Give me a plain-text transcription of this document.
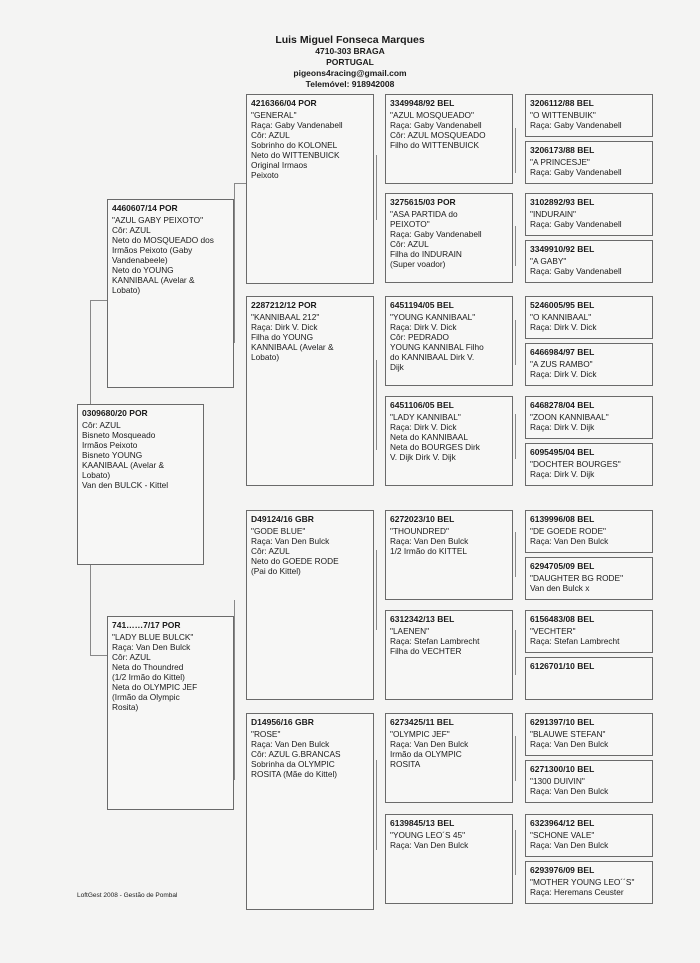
Luis Miguel Fonseca Marques
4710-303 BRAGA
PORTUGAL
pigeons4racing@gmail.com
Telemóvel: 918942008
0309680/20 POR
Côr: AZUL
Bisneto Mosqueado
Irmãos Peixoto
Bisneto YOUNG
KAANIBAAL (Avelar &
Lobato)
Van den BULCK - Kittel
4460607/14 POR
"AZUL GABY PEIXOTO"
Côr: AZUL
Neto do MOSQUEADO dos
Irmãos Peixoto (Gaby
Vandenabeele)
Neto do YOUNG
KANNIBAAL (Avelar &
Lobato)
741……7/17 POR
"LADY BLUE BULCK"
Raça: Van Den Bulck
Côr: AZUL
Neta do Thoundred
(1/2 Irmão do Kittel)
Neta do OLYMPIC JEF
(Irmão da Olympic
Rosita)
4216366/04 POR
"GENERAL"
Raça: Gaby Vandenabell
Côr: AZUL
Sobrinho do KOLONEL
Neto do WITTENBUICK
Original Irmaos
Peixoto
2287212/12 POR
"KANNIBAAL 212"
Raça: Dirk V. Dick
Filha do YOUNG
KANNIBAAL (Avelar &
Lobato)
D49124/16 GBR
"GODE BLUE"
Raça: Van Den Bulck
Côr: AZUL
Neto do GOEDE RODE
(Pai do Kittel)
D14956/16 GBR
"ROSE"
Raça: Van Den Bulck
Côr: AZUL G.BRANCAS
Sobrinha da OLYMPIC
ROSITA (Mãe do Kittel)
3349948/92 BEL
"AZUL MOSQUEADO"
Raça: Gaby Vandenabell
Côr: AZUL MOSQUEADO
Filho do WITTENBUICK
3275615/03 POR
"ASA PARTIDA do
PEIXOTO"
Raça: Gaby Vandenabell
Côr: AZUL
Filha do INDURAIN
(Super voador)
6451194/05 BEL
"YOUNG KANNIBAAL"
Raça: Dirk V. Dick
Côr: PEDRADO
YOUNG KANNIBAL Filho
do KANNIBAAL Dirk V.
Dijk
6451106/05 BEL
"LADY KANNIBAL"
Raça: Dirk V. Dick
Neta do KANNIBAAL
Neta do BOURGES Dirk
V. Dijk Dirk V. Dijk
6272023/10 BEL
"THOUNDRED"
Raça: Van Den Bulck
1/2 Irmão do KITTEL
6312342/13 BEL
"LAENEN"
Raça: Stefan Lambrecht
Filha do VECHTER
6273425/11 BEL
"OLYMPIC JEF"
Raça: Van Den Bulck
Irmão da OLYMPIC
ROSITA
6139845/13 BEL
"YOUNG LEO´S 45"
Raça: Van Den Bulck
3206112/88 BEL
"O WITTENBUIK"
Raça: Gaby Vandenabell
3206173/88 BEL
"A PRINCESJE"
Raça: Gaby Vandenabell
3102892/93 BEL
"INDURAIN"
Raça: Gaby Vandenabell
3349910/92 BEL
"A GABY"
Raça: Gaby Vandenabell
5246005/95 BEL
"O KANNIBAAL"
Raça: Dirk V. Dick
6466984/97 BEL
"A ZUS RAMBO"
Raça: Dirk V. Dick
6468278/04 BEL
"ZOON KANNIBAAL"
Raça: Dirk V. Dijk
6095495/04 BEL
"DOCHTER BOURGES"
Raça: Dirk V. Dijk
6139996/08 BEL
"DE GOEDE RODE"
Raça: Van Den Bulck
6294705/09 BEL
"DAUGHTER BG RODE"
Van den Bulck x
6156483/08 BEL
"VECHTER"
Raça: Stefan Lambrecht
6126701/10 BEL
6291397/10 BEL
"BLAUWE STEFAN"
Raça: Van Den Bulck
6271300/10 BEL
"1300 DUIVIN"
Raça: Van Den Bulck
6323964/12 BEL
"SCHONE VALE"
Raça: Van Den Bulck
6293976/09 BEL
"MOTHER YOUNG LEO´´S"
Raça: Heremans Ceuster
LoftGest 2008 - Gestão de Pombal
